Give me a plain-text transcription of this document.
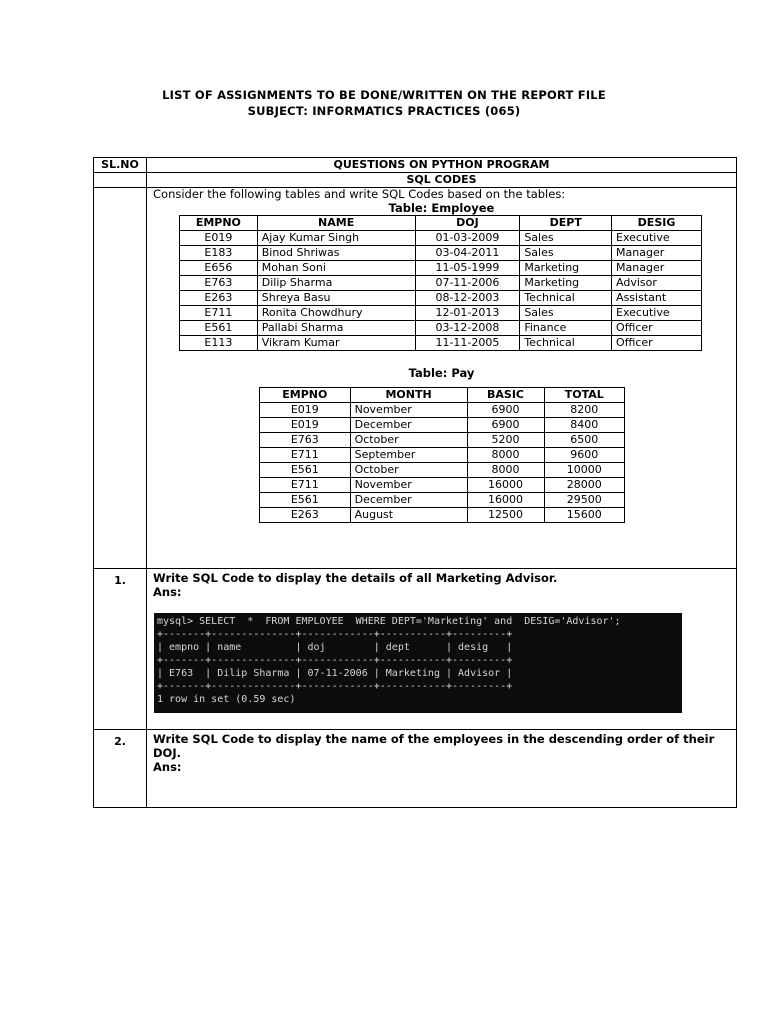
LIST OF ASSIGNMENTS TO BE DONE/WRITTEN ON THE REPORT FILE
SUBJECT: INFORMATICS PRACTICES (065)
SL.NO	QUESTIONS ON PYTHON PROGRAM
	SQL CODES

Consider the following tables and write SQL Codes based on the tables:
Table: Employee
EMPNO	NAME	DOJ	DEPT	DESIG
E019	Ajay Kumar Singh	01-03-2009	Sales	Executive
E183	Binod Shriwas	03-04-2011	Sales	Manager
E656	Mohan Soni	11-05-1999	Marketing	Manager
E763	Dilip Sharma	07-11-2006	Marketing	Advisor
E263	Shreya Basu	08-12-2003	Technical	Assistant
E711	Ronita Chowdhury	12-01-2013	Sales	Executive
E561	Pallabi Sharma	03-12-2008	Finance	Officer
E113	Vikram Kumar	11-11-2005	Technical	Officer
Table: Pay
EMPNO	MONTH	BASIC	TOTAL
E019	November	6900	8200
E019	December	6900	8400
E763	October	5200	6500
E711	September	8000	9600
E561	October	8000	10000
E711	November	16000	28000
E561	December	16000	29500
E263	August	12500	15600

1.	Write SQL Code to display the details of all Marketing Advisor.
Ans:
mysql> SELECT  *  FROM EMPLOYEE  WHERE DEPT='Marketing' and  DESIG='Advisor';
+-------+--------------+------------+-----------+---------+
| empno | name         | doj        | dept      | desig   |
+-------+--------------+------------+-----------+---------+
| E763  | Dilip Sharma | 07-11-2006 | Marketing | Advisor |
+-------+--------------+------------+-----------+---------+
1 row in set (0.59 sec)

2.	Write SQL Code to display the name of the employees in the descending order of their DOJ.
Ans:
